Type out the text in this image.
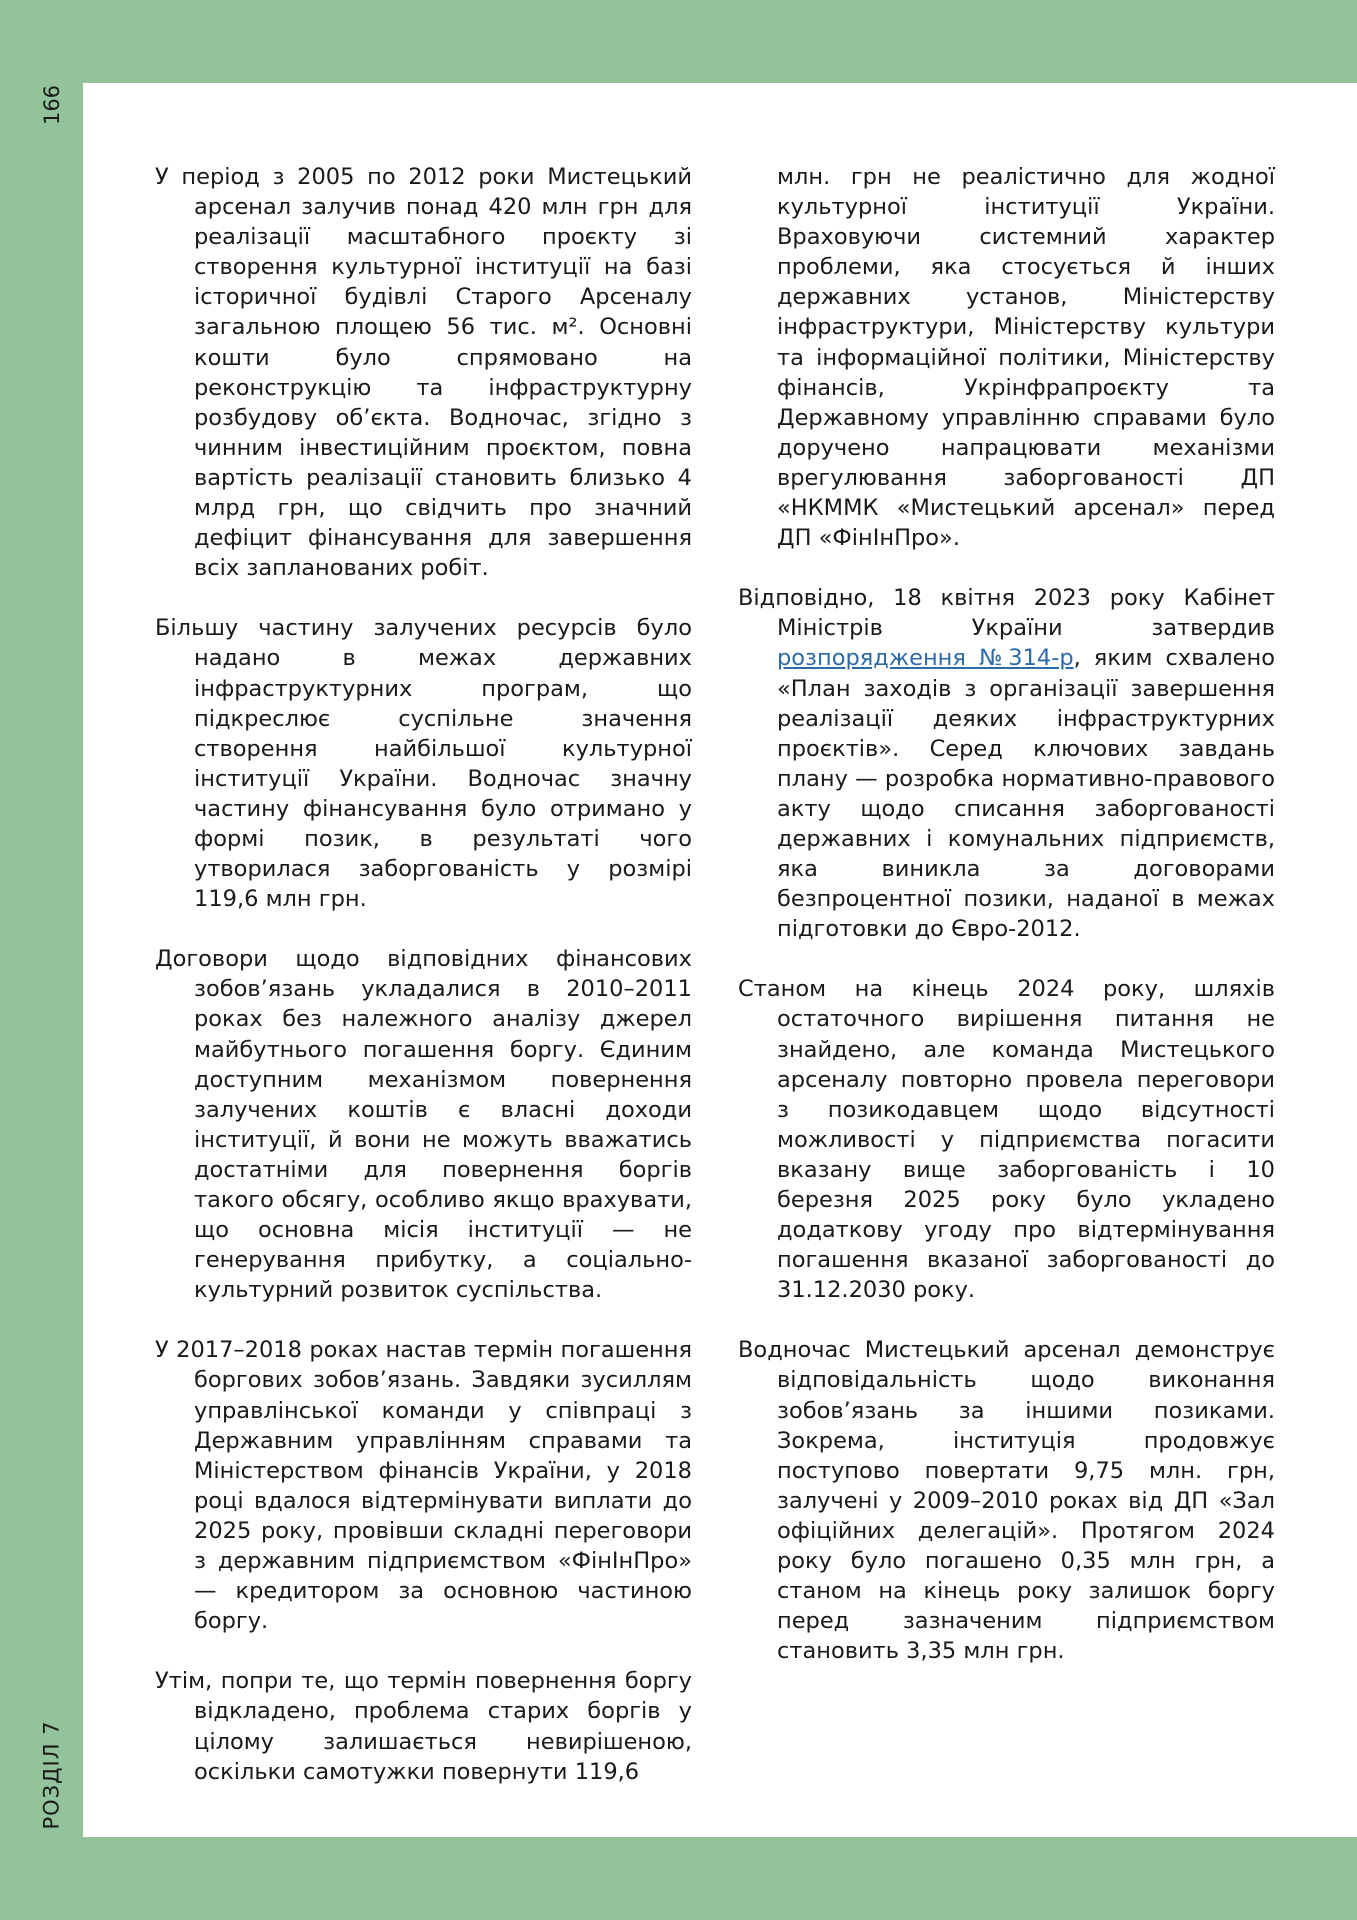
166
РОЗДІЛ 7

У період з 2005 по 2012 роки Мистецький арсенал залучив понад 420 млн грн для реалізації масштабного проєкту зі створення культурної інституції на базі історичної будівлі Старого Арсеналу загальною площею 56 тис. м². Основні кошти було спрямовано на реконструкцію та інфраструктурну розбудову об’єкта. Водночас, згідно з чинним інвестиційним проєктом, повна вартість реалізації становить близько 4 млрд грн, що свідчить про значний дефіцит фінансування для завершення всіх запланованих робіт.

Більшу частину залучених ресурсів було надано в межах державних інфраструктурних програм, що підкреслює суспільне значення створення найбільшої культурної інституції України. Водночас значну частину фінансування було отримано у формі позик, в результаті чого утворилася заборгованість у розмірі 119,6 млн грн.

Договори щодо відповідних фінансових зобов’язань укладалися в 2010–2011 роках без належного аналізу джерел майбутнього погашення боргу. Єдиним доступним механізмом повернення залучених коштів є власні доходи інституції, й вони не можуть вважатись достатніми для повернення боргів такого обсягу, особливо якщо врахувати, що основна місія інституції — не генерування прибутку, а соціально-культурний розвиток суспільства.

У 2017–2018 роках настав термін погашення боргових зобов’язань. Завдяки зусиллям управлінської команди у співпраці з Державним управлінням справами та Міністерством фінансів України, у 2018 році вдалося відтермінувати виплати до 2025 року, провівши складні переговори з державним підприємством «ФінІнПро» — кредитором за основною частиною боргу.

Утім, попри те, що термін повернення боргу відкладено, проблема старих боргів у цілому залишається невирішеною, оскільки самотужки повернути 119,6

млн. грн не реалістично для жодної культурної інституції України. Враховуючи системний характер проблеми, яка стосується й інших державних установ, Міністерству інфраструктури, Міністерству культури та інформаційної політики, Міністерству фінансів, Укрінфрапроєкту та Державному управлінню справами було доручено напрацювати механізми врегулювання заборгованості ДП «НКММК «Мистецький арсенал» перед ДП «ФінІнПро».

Відповідно, 18 квітня 2023 року Кабінет Міністрів України затвердив розпорядження №314-р, яким схвалено «План заходів з організації завершення реалізації деяких інфраструктурних проєктів». Серед ключових завдань плану — розробка нормативно-правового акту щодо списання заборгованості державних і комунальних підприємств, яка виникла за договорами безпроцентної позики, наданої в межах підготовки до Євро-2012.

Станом на кінець 2024 року, шляхів остаточного вирішення питання не знайдено, але команда Мистецького арсеналу повторно провела переговори з позикодавцем щодо відсутності можливості у підприємства погасити вказану вище заборгованість і 10 березня 2025 року було укладено додаткову угоду про відтермінування погашення вказаної заборгованості до 31.12.2030 року.

Водночас Мистецький арсенал демонструє відповідальність щодо виконання зобов’язань за іншими позиками. Зокрема, інституція продовжує поступово повертати 9,75 млн. грн, залучені у 2009–2010 роках від ДП «Зал офіційних делегацій». Протягом 2024 року було погашено 0,35 млн грн, а станом на кінець року залишок боргу перед зазначеним підприємством становить 3,35 млн грн.
